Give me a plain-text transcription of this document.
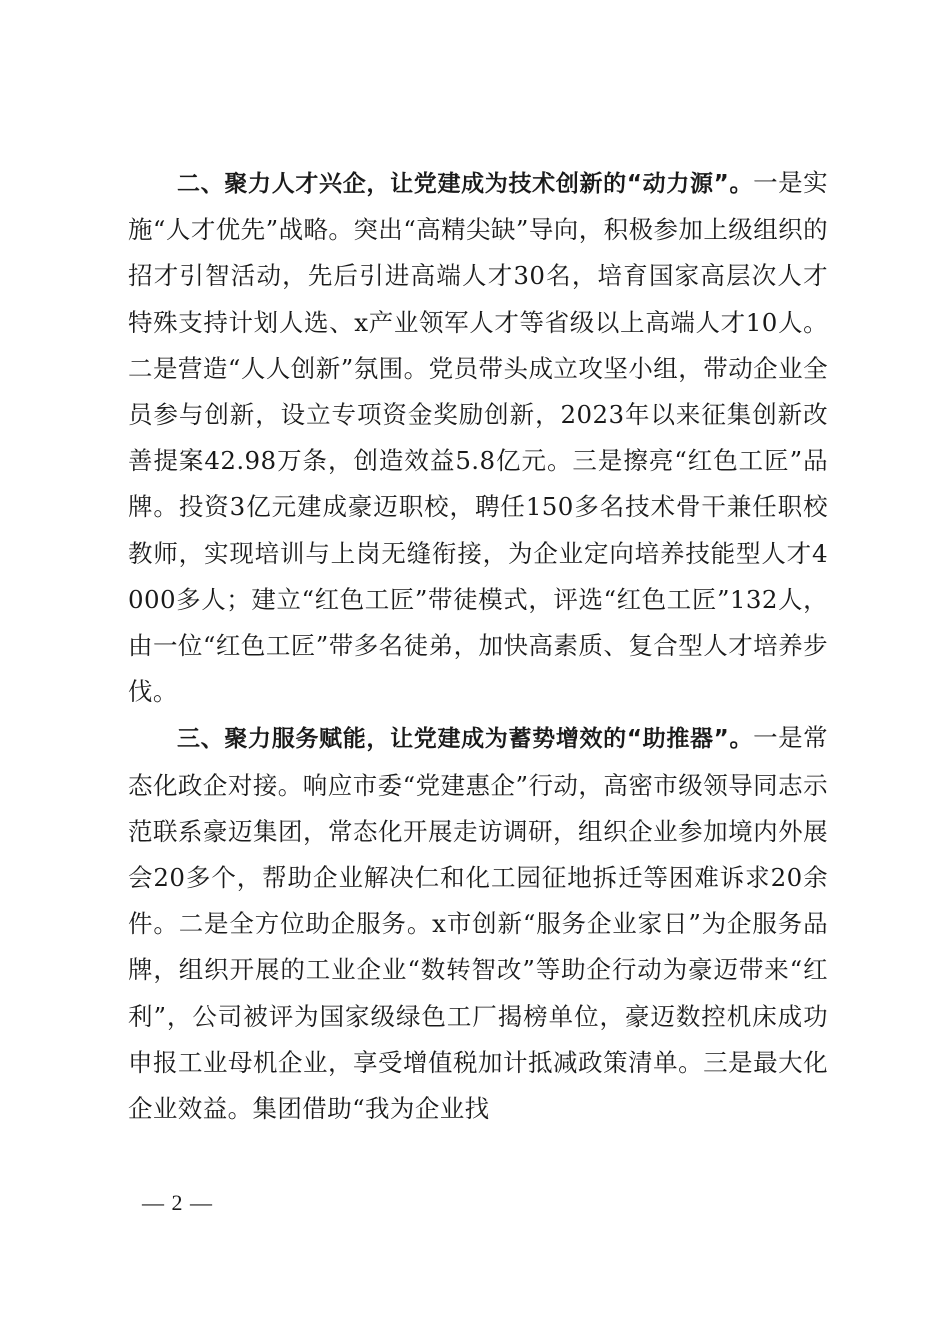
二、聚力人才兴企，让党建成为技术创新的“动力源”。一是实施“人才优先”战略。突出“高精尖缺”导向，积极参加上级组织的招才引智活动，先后引进高端人才30名，培育国家高层次人才特殊支持计划人选、x产业领军人才等省级以上高端人才10人。二是营造“人人创新”氛围。党员带头成立攻坚小组，带动企业全员参与创新，设立专项资金奖励创新，2023年以来征集创新改善提案42.98万条，创造效益5.8亿元。三是擦亮“红色工匠”品牌。投资3亿元建成豪迈职校，聘任150多名技术骨干兼任职校教师，实现培训与上岗无缝衔接，为企业定向培养技能型人才4000多人；建立“红色工匠”带徒模式，评选“红色工匠”132人，由一位“红色工匠”带多名徒弟，加快高素质、复合型人才培养步伐。

三、聚力服务赋能，让党建成为蓄势增效的“助推器”。一是常态化政企对接。响应市委“党建惠企”行动，高密市级领导同志示范联系豪迈集团，常态化开展走访调研，组织企业参加境内外展会20多个，帮助企业解决仁和化工园征地拆迁等困难诉求20余件。二是全方位助企服务。x市创新“服务企业家日”为企服务品牌，组织开展的工业企业“数转智改”等助企行动为豪迈带来“红利”，公司被评为国家级绿色工厂揭榜单位，豪迈数控机床成功申报工业母机企业，享受增值税加计抵减政策清单。三是最大化企业效益。集团借助“我为企业找

— 2 —
